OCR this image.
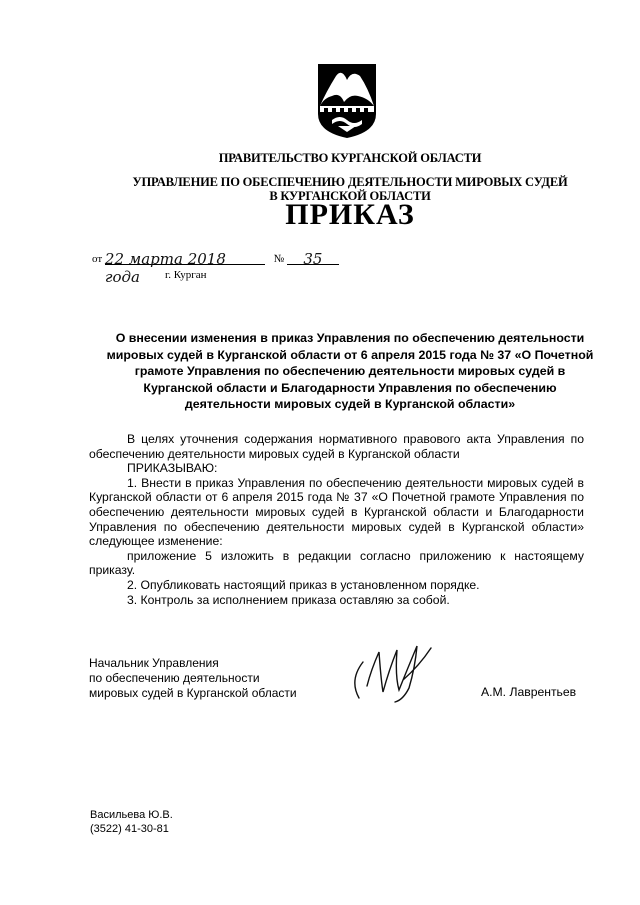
ПРАВИТЕЛЬСТВО КУРГАНСКОЙ ОБЛАСТИ
УПРАВЛЕНИЕ ПО ОБЕСПЕЧЕНИЮ ДЕЯТЕЛЬНОСТИ МИРОВЫХ СУДЕЙ
В КУРГАНСКОЙ ОБЛАСТИ
ПРИКАЗ
от 22 марта 2018 года № 35
г. Курган
О внесении изменения в приказ Управления по обеспечению деятельности мировых судей в Курганской области от 6 апреля 2015 года № 37 «О Почетной грамоте Управления по обеспечению деятельности мировых судей в Курганской области и Благодарности Управления по обеспечению деятельности мировых судей в Курганской области»

В целях уточнения содержания нормативного правового акта Управления по обеспечению деятельности мировых судей в Курганской области

ПРИКАЗЫВАЮ:

1. Внести в приказ Управления по обеспечению деятельности мировых судей в Курганской области от 6 апреля 2015 года № 37 «О Почетной грамоте Управления по обеспечению деятельности мировых судей в Курганской области и Благодарности Управления по обеспечению деятельности мировых судей в Курганской области» следующее изменение:

приложение 5 изложить в редакции согласно приложению к настоящему приказу.

2. Опубликовать настоящий приказ в установленном порядке.

3. Контроль за исполнением приказа оставляю за собой.

Начальник Управления
по обеспечению деятельности
мировых судей в Курганской области	А.М. Лаврентьев
Васильева Ю.В.
(3522) 41-30-81
